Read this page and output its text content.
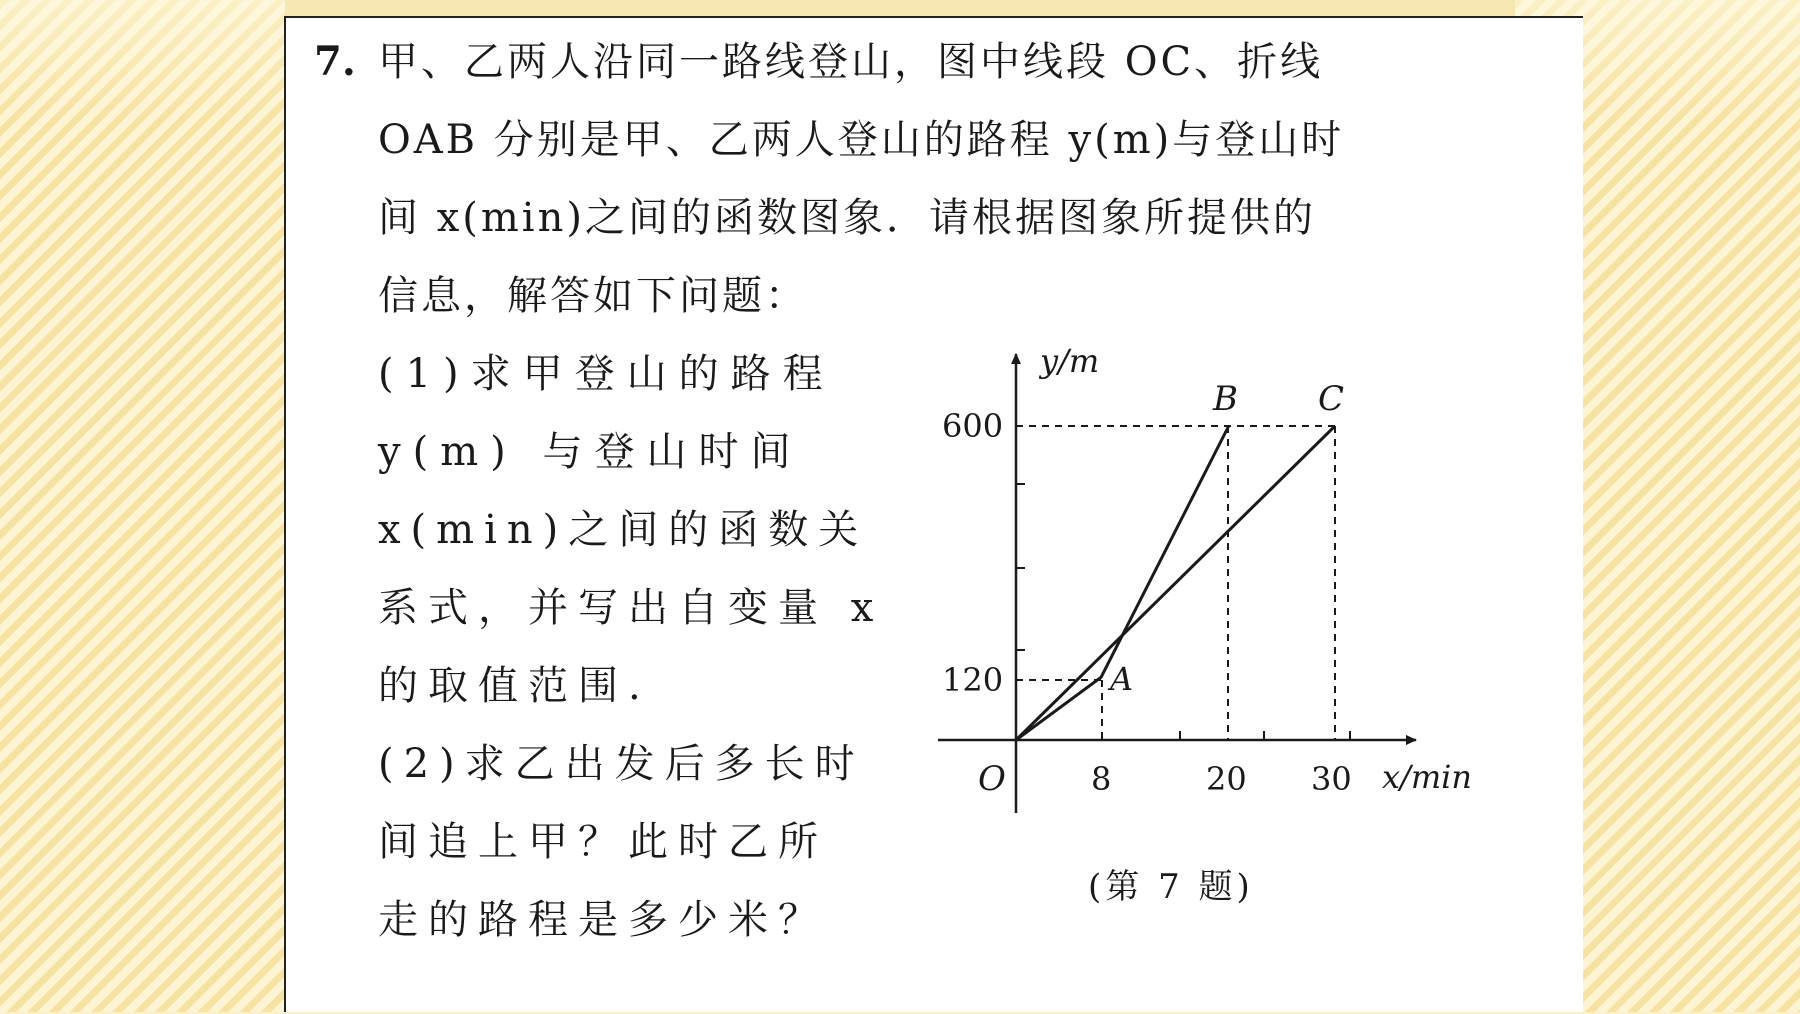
7. 甲、乙两人沿同一路线登山，图中线段 OC、折线
OAB 分别是甲、乙两人登山的路程 y(m)与登山时
间 x(min)之间的函数图象．请根据图象所提供的
信息，解答如下问题：
(1)求甲登山的路程
y(m) 与登山时间
x(min)之间的函数关
系式，并写出自变量 x
的取值范围.
(2)求乙出发后多长时
间追上甲？此时乙所
走的路程是多少米？
y/m
x/min
O	8	20 30
600
120
B C
A
(第 7 题)
